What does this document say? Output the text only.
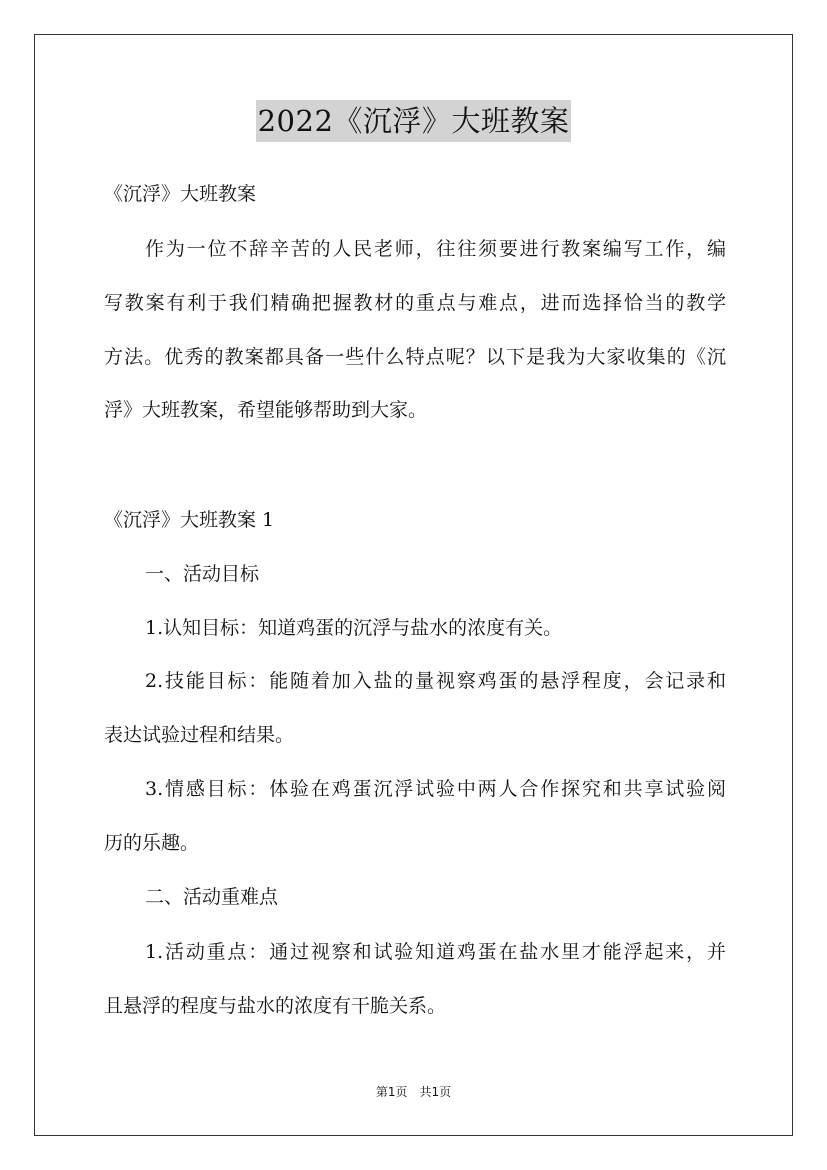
2022《沉浮》大班教案
《沉浮》大班教案
作为一位不辞辛苦的人民老师，往往须要进行教案编写工作，编
写教案有利于我们精确把握教材的重点与难点，进而选择恰当的教学
方法。优秀的教案都具备一些什么特点呢？以下是我为大家收集的《沉
浮》大班教案，希望能够帮助到大家。
《沉浮》大班教案 1
一、活动目标
1.认知目标：知道鸡蛋的沉浮与盐水的浓度有关。
2.技能目标：能随着加入盐的量视察鸡蛋的悬浮程度，会记录和
表达试验过程和结果。
3.情感目标：体验在鸡蛋沉浮试验中两人合作探究和共享试验阅
历的乐趣。
二、活动重难点
1.活动重点：通过视察和试验知道鸡蛋在盐水里才能浮起来，并
且悬浮的程度与盐水的浓度有干脆关系。
第1页　共1页
